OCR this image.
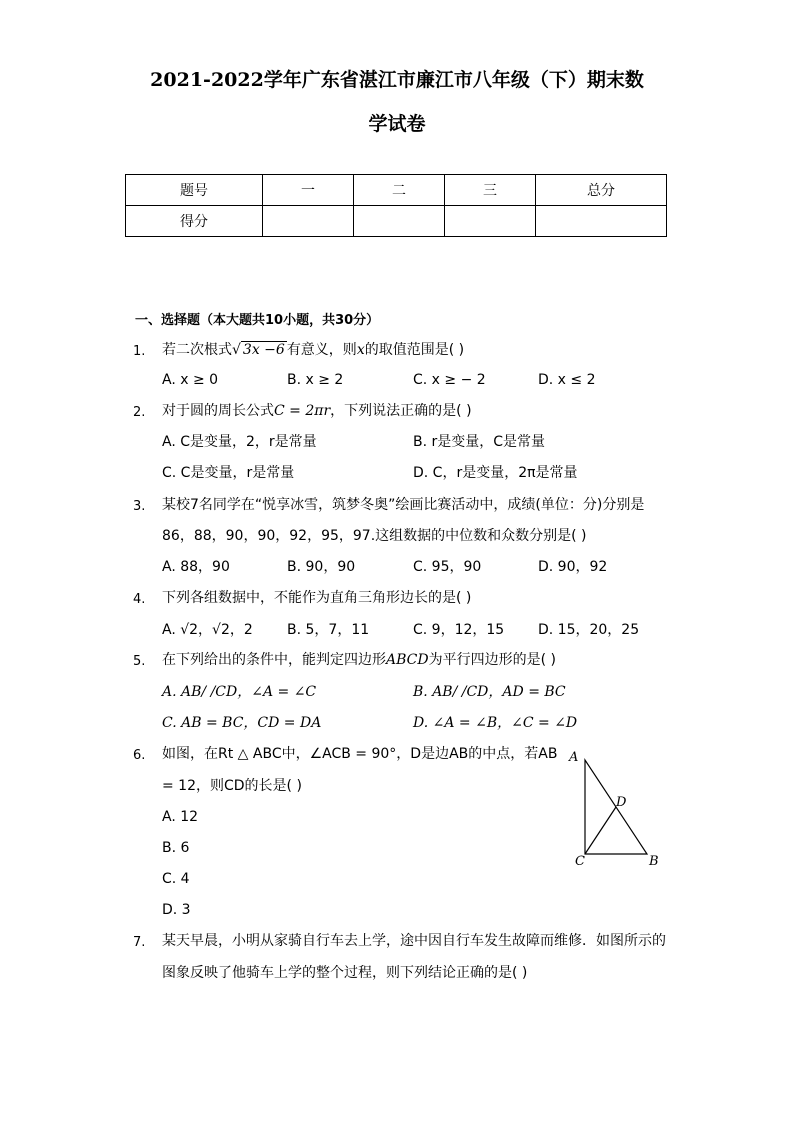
2021-2022学年广东省湛江市廉江市八年级（下）期末数
学试卷
题号	一	二	三	总分
得分				
一、选择题（本大题共10小题，共30分）
1. 若二次根式√ 3x −6 有意义，则x的取值范围是( )
A. x ≥ 0	B. x ≥ 2	C. x ≥ − 2	D. x ≤ 2
2. 对于圆的周长公式C = 2πr，下列说法正确的是( )
A. C是变量，2，r是常量	B. r是变量，C是常量
C. C是变量，r是常量	D. C，r是变量，2π是常量
3. 某校7名同学在“悦享冰雪，筑梦冬奥”绘画比赛活动中，成绩(单位：分)分别是
86，88，90，90，92，95，97.这组数据的中位数和众数分别是( )
A. 88，90	B. 90，90	C. 95，90	D. 90，92
4. 下列各组数据中，不能作为直角三角形边长的是( )
A. √2，√2，2 B. 5，7，11	C. 9，12，15 D. 15，20，25
5. 在下列给出的条件中，能判定四边形ABCD为平行四边形的是( )
A. AB/ /CD，∠A = ∠C	B. AB/ /CD，AD = BC
C. AB = BC，CD = DA	D. ∠A = ∠B，∠C = ∠D
6. 如图，在Rt △ ABC中，∠ACB = 90°，D是边AB的中点，若AB
= 12，则CD的长是( )
A. 12
B. 6
C. 4
D. 3
A
D
C	B
7. 某天早晨，小明从家骑自行车去上学，途中因自行车发生故障而维修．如图所示的
图象反映了他骑车上学的整个过程，则下列结论正确的是( )
